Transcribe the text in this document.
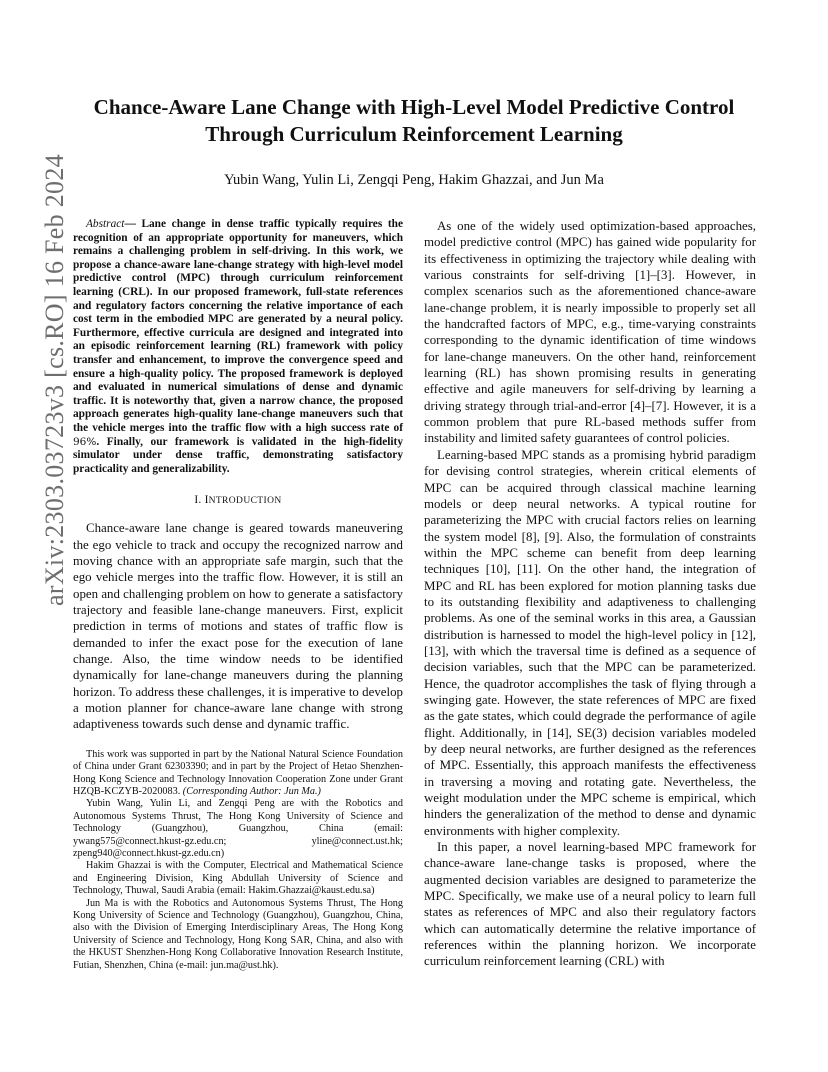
arXiv:2303.03723v3 [cs.RO] 16 Feb 2024
Chance-Aware Lane Change with High-Level Model Predictive Control
Through Curriculum Reinforcement Learning
Yubin Wang, Yulin Li, Zengqi Peng, Hakim Ghazzai, and Jun Ma

Abstract— Lane change in dense traffic typically requires the recognition of an appropriate opportunity for maneuvers, which remains a challenging problem in self-driving. In this work, we propose a chance-aware lane-change strategy with high-level model predictive control (MPC) through curriculum reinforcement learning (CRL). In our proposed framework, full-state references and regulatory factors concerning the relative importance of each cost term in the embodied MPC are generated by a neural policy. Furthermore, effective curricula are designed and integrated into an episodic reinforcement learning (RL) framework with policy transfer and enhancement, to improve the convergence speed and ensure a high-quality policy. The proposed framework is deployed and evaluated in numerical simulations of dense and dynamic traffic. It is noteworthy that, given a narrow chance, the proposed approach generates high-quality lane-change maneuvers such that the vehicle merges into the traffic flow with a high success rate of 96%. Finally, our framework is validated in the high-fidelity simulator under dense traffic, demonstrating satisfactory practicality and generalizability.

I. INTRODUCTION

Chance-aware lane change is geared towards maneuvering the ego vehicle to track and occupy the recognized narrow and moving chance with an appropriate safe margin, such that the ego vehicle merges into the traffic flow. However, it is still an open and challenging problem on how to generate a satisfactory trajectory and feasible lane-change maneuvers. First, explicit prediction in terms of motions and states of traffic flow is demanded to infer the exact pose for the execution of lane change. Also, the time window needs to be identified dynamically for lane-change maneuvers during the planning horizon. To address these challenges, it is imperative to develop a motion planner for chance-aware lane change with strong adaptiveness towards such dense and dynamic traffic.

This work was supported in part by the National Natural Science Foundation of China under Grant 62303390; and in part by the Project of Hetao Shenzhen-Hong Kong Science and Technology Innovation Cooperation Zone under Grant HZQB-KCZYB-2020083. (Corresponding Author: Jun Ma.)

Yubin Wang, Yulin Li, and Zengqi Peng are with the Robotics and Autonomous Systems Thrust, The Hong Kong University of Science and Technology (Guangzhou), Guangzhou, China (email: ywang575@connect.hkust-gz.edu.cn; yline@connect.ust.hk; zpeng940@connect.hkust-gz.edu.cn)

Hakim Ghazzai is with the Computer, Electrical and Mathematical Science and Engineering Division, King Abdullah University of Science and Technology, Thuwal, Saudi Arabia (email: Hakim.Ghazzai@kaust.edu.sa)

Jun Ma is with the Robotics and Autonomous Systems Thrust, The Hong Kong University of Science and Technology (Guangzhou), Guangzhou, China, also with the Division of Emerging Interdisciplinary Areas, The Hong Kong University of Science and Technology, Hong Kong SAR, China, and also with the HKUST Shenzhen-Hong Kong Collaborative Innovation Research Institute, Futian, Shenzhen, China (e-mail: jun.ma@ust.hk).

As one of the widely used optimization-based approaches, model predictive control (MPC) has gained wide popularity for its effectiveness in optimizing the trajectory while dealing with various constraints for self-driving [1]–[3]. However, in complex scenarios such as the aforementioned chance-aware lane-change problem, it is nearly impossible to properly set all the handcrafted factors of MPC, e.g., time-varying constraints corresponding to the dynamic identification of time windows for lane-change maneuvers. On the other hand, reinforcement learning (RL) has shown promising results in generating effective and agile maneuvers for self-driving by learning a driving strategy through trial-and-error [4]–[7]. However, it is a common problem that pure RL-based methods suffer from instability and limited safety guarantees of control policies.

Learning-based MPC stands as a promising hybrid paradigm for devising control strategies, wherein critical elements of MPC can be acquired through classical machine learning models or deep neural networks. A typical routine for parameterizing the MPC with crucial factors relies on learning the system model [8], [9]. Also, the formulation of constraints within the MPC scheme can benefit from deep learning techniques [10], [11]. On the other hand, the integration of MPC and RL has been explored for motion planning tasks due to its outstanding flexibility and adaptiveness to challenging problems. As one of the seminal works in this area, a Gaussian distribution is harnessed to model the high-level policy in [12], [13], with which the traversal time is defined as a sequence of decision variables, such that the MPC can be parameterized. Hence, the quadrotor accomplishes the task of flying through a swinging gate. However, the state references of MPC are fixed as the gate states, which could degrade the performance of agile flight. Additionally, in [14], SE(3) decision variables modeled by deep neural networks, are further designed as the references of MPC. Essentially, this approach manifests the effectiveness in traversing a moving and rotating gate. Nevertheless, the weight modulation under the MPC scheme is empirical, which hinders the generalization of the method to dense and dynamic environments with higher complexity.

In this paper, a novel learning-based MPC framework for chance-aware lane-change tasks is proposed, where the augmented decision variables are designed to parameterize the MPC. Specifically, we make use of a neural policy to learn full states as references of MPC and also their regulatory factors which can automatically determine the relative importance of references within the planning horizon. We incorporate curriculum reinforcement learning (CRL) with
